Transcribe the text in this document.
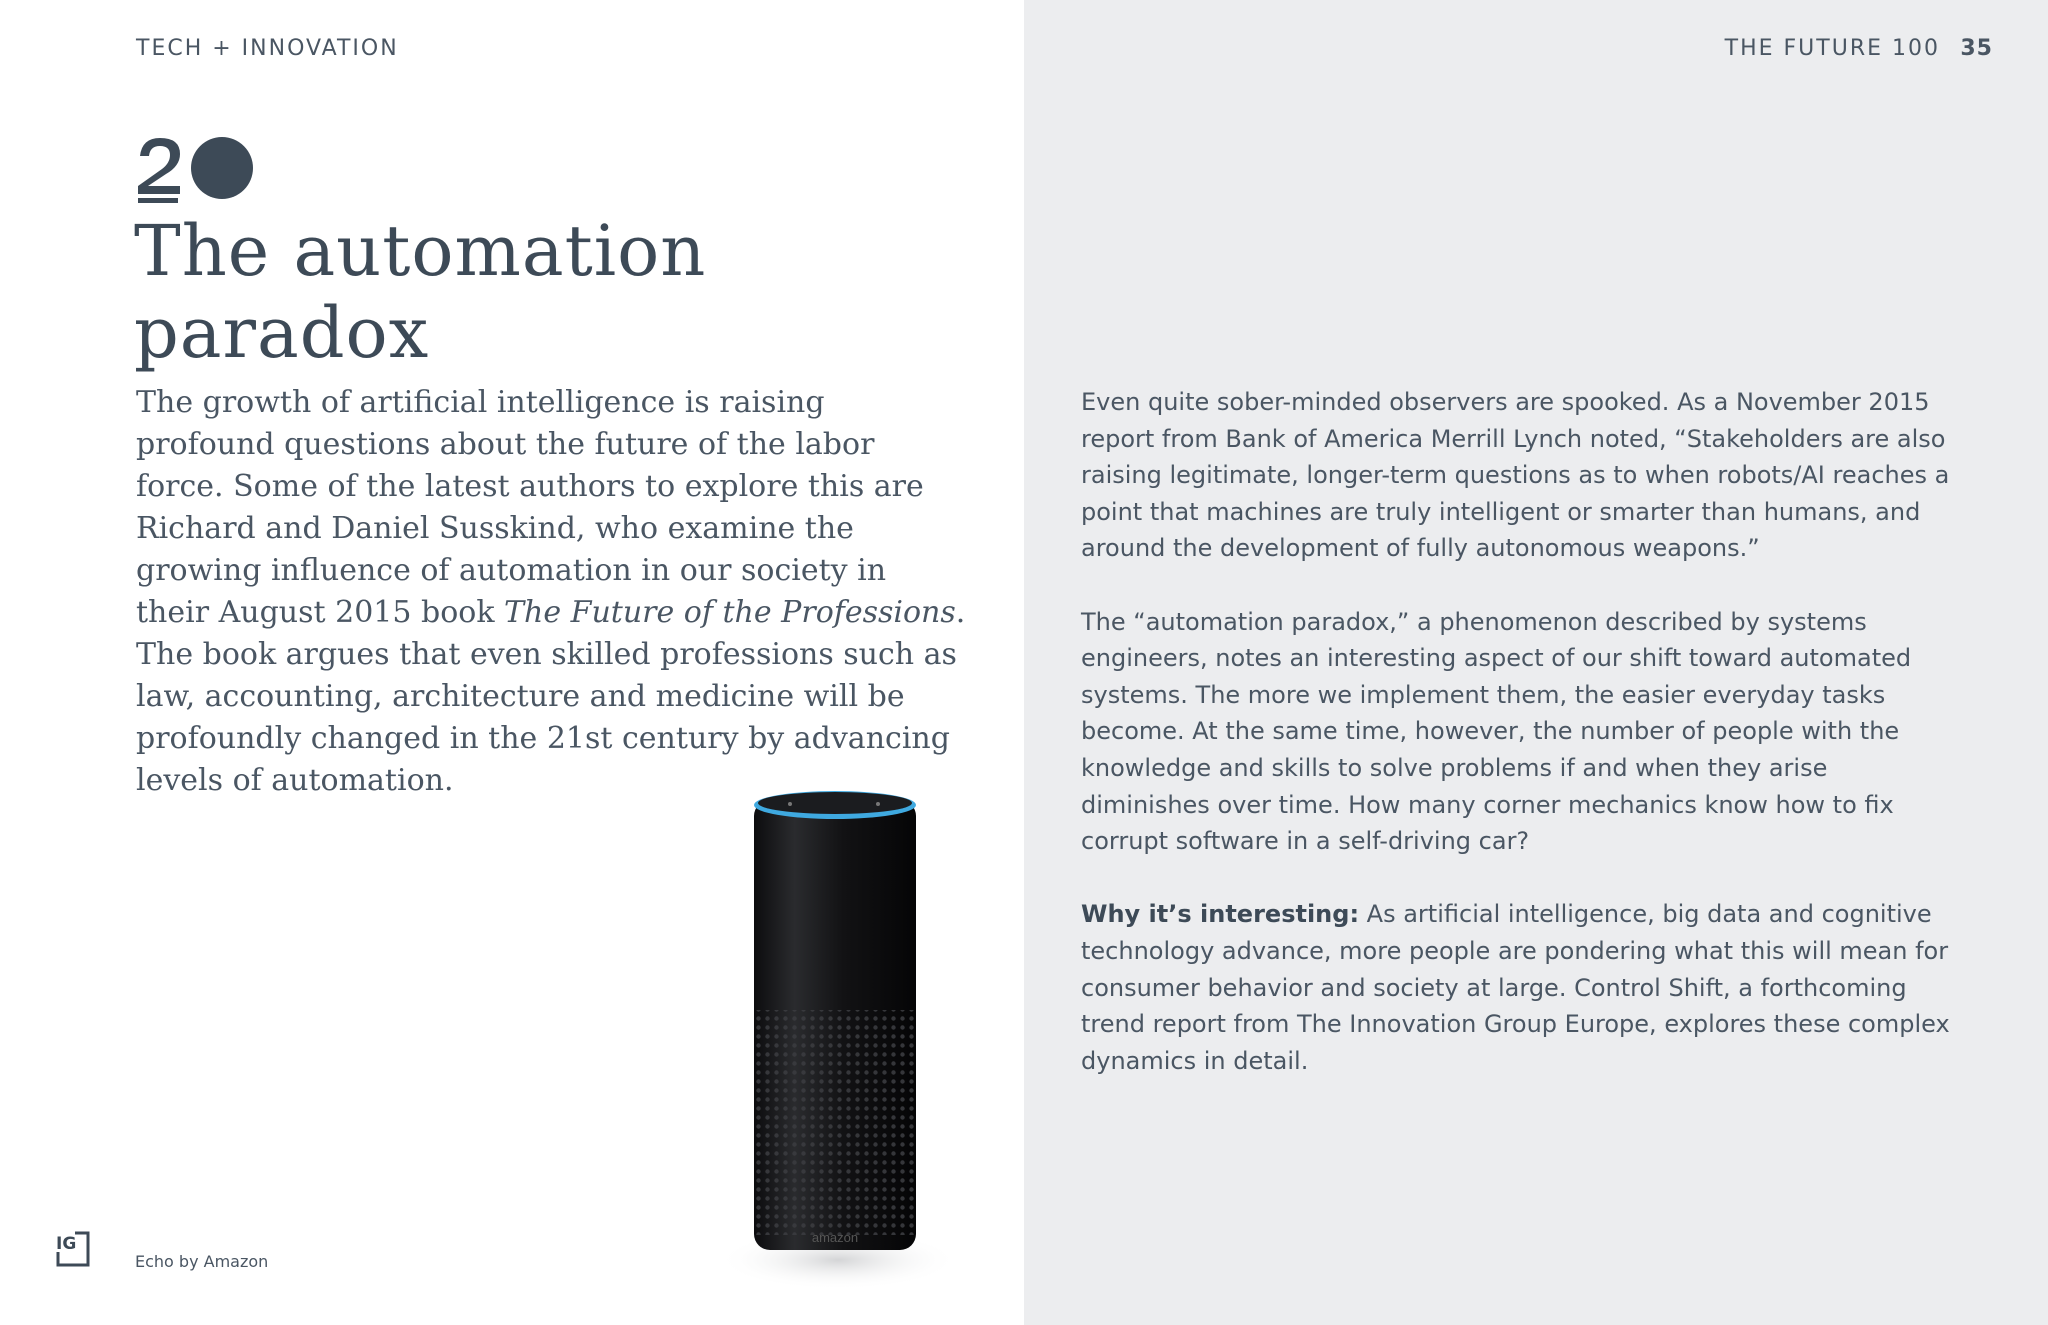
TECH + INNOVATION
The automation paradox
The growth of artificial intelligence is raising profound questions about the future of the labor force. Some of the latest authors to explore this are Richard and Daniel Susskind, who examine the growing influence of automation in our society in their August 2015 book The Future of the Professions. The book argues that even skilled professions such as law, accounting, architecture and medicine will be profoundly changed in the 21st century by advancing levels of automation.
amazon
IG
Echo by Amazon
THE FUTURE 100 35

Even quite sober-minded observers are spooked. As a November 2015 report from Bank of America Merrill Lynch noted, “Stakeholders are also raising legitimate, longer-term questions as to when robots/AI reaches a point that machines are truly intelligent or smarter than humans, and around the development of fully autonomous weapons.”

The “automation paradox,” a phenomenon described by systems engineers, notes an interesting aspect of our shift toward automated systems. The more we implement them, the easier everyday tasks become. At the same time, however, the number of people with the knowledge and skills to solve problems if and when they arise diminishes over time. How many corner mechanics know how to fix corrupt software in a self-driving car?

Why it’s interesting: As artificial intelligence, big data and cognitive technology advance, more people are pondering what this will mean for consumer behavior and society at large. Control Shift, a forthcoming trend report from The Innovation Group Europe, explores these complex dynamics in detail.
